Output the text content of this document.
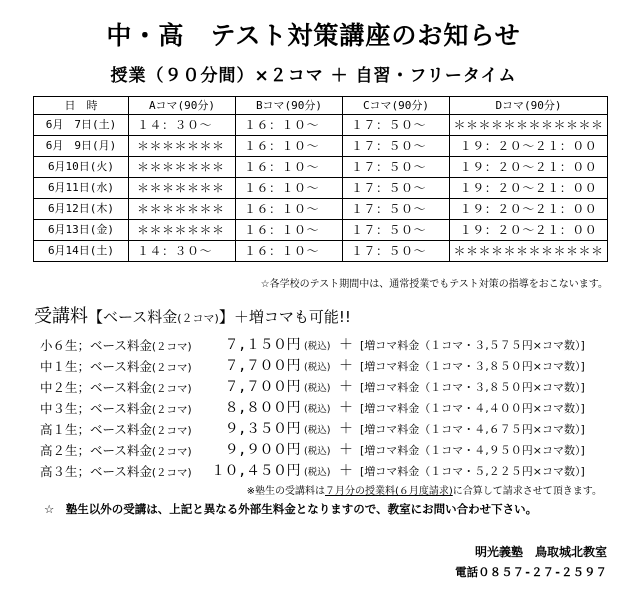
中・高　テスト対策講座のお知らせ
授業（９０分間）×２コマ ＋ 自習・フリータイム
日　時	Aコマ(90分)	Bコマ(90分)	Cコマ(90分)	Dコマ(90分)
6月　7日(土)	１４：３０～	１６：１０～	１７：５０～	＊＊＊＊＊＊＊＊＊＊＊＊
6月　9日(月)	＊＊＊＊＊＊＊	１６：１０～	１７：５０～	１９：２０～２１：００
6月10日(火)	＊＊＊＊＊＊＊	１６：１０～	１７：５０～	１９：２０～２１：００
6月11日(水)	＊＊＊＊＊＊＊	１６：１０～	１７：５０～	１９：２０～２１：００
6月12日(木)	＊＊＊＊＊＊＊	１６：１０～	１７：５０～	１９：２０～２１：００
6月13日(金)	＊＊＊＊＊＊＊	１６：１０～	１７：５０～	１９：２０～２１：００
6月14日(土)	１４：３０～	１６：１０～	１７：５０～	＊＊＊＊＊＊＊＊＊＊＊＊

☆各学校のテスト期間中は、通常授業でもテスト対策の指導をおこないます。

受講料【ベース料金(２コマ)】＋増コマも可能!!

小６生； ベース料金(２コマ) ７,１５０円 (税込) ＋ [増コマ料金（１コマ・３,５７５円×コマ数）]
中１生； ベース料金(２コマ) ７,７００円 (税込) ＋ [増コマ料金（１コマ・３,８５０円×コマ数）]
中２生； ベース料金(２コマ) ７,７００円 (税込) ＋ [増コマ料金（１コマ・３,８５０円×コマ数）]
中３生； ベース料金(２コマ) ８,８００円 (税込) ＋ [増コマ料金（１コマ・４,４００円×コマ数）]
高１生； ベース料金(２コマ) ９,３５０円 (税込) ＋ [増コマ料金（１コマ・４,６７５円×コマ数）]
高２生； ベース料金(２コマ) ９,９００円 (税込) ＋ [増コマ料金（１コマ・４,９５０円×コマ数）]
高３生； ベース料金(２コマ) １０,４５０円 (税込) ＋ [増コマ料金（１コマ・５,２２５円×コマ数）]

※塾生の受講料は７月分の授業料(６月度請求)に合算して請求させて頂きます。

☆　塾生以外の受講は、上記と異なる外部生料金となりますので、教室にお問い合わせ下さい。

明光義塾　鳥取城北教室

電話０８５７-２７-２５９７
